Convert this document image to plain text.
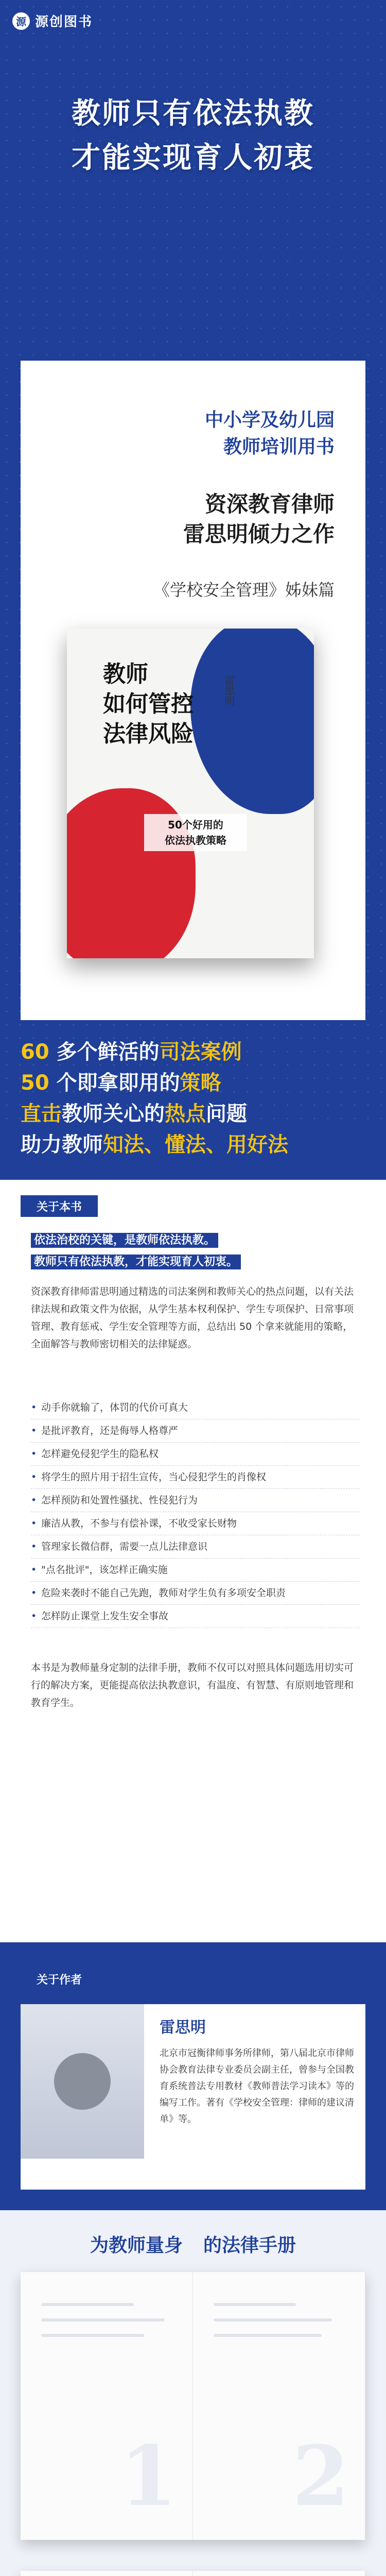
源 源创图书
教师只有依法执教
才能实现育人初衷
中小学及幼儿园
教师培训用书
资深教育律师
雷思明倾力之作
《学校安全管理》姊妹篇
教师
如何管控
法律风险
雷思明
50个好用的
依法执教策略
60 多个鲜活的司法案例
50 个即拿即用的策略
直击教师关心的热点问题
助力教师知法、懂法、用好法
关于本书
依法治校的关键，是教师依法执教。
教师只有依法执教，才能实现育人初衷。
资深教育律师雷思明通过精选的司法案例和教师关心的热点问题，以有关法律法规和政策文件为依据，从学生基本权利保护、学生专项保护、日常事项管理、教育惩戒、学生安全管理等方面，总结出 50 个拿来就能用的策略，全面解答与教师密切相关的法律疑惑。
• 动手你就输了，体罚的代价可真大
• 是批评教育，还是侮辱人格尊严
• 怎样避免侵犯学生的隐私权
• 将学生的照片用于招生宣传，当心侵犯学生的肖像权
• 怎样预防和处置性骚扰、性侵犯行为
• 廉洁从教，不参与有偿补课，不收受家长财物
• 管理家长微信群，需要一点儿法律意识
• "点名批评"，该怎样正确实施
• 危险来袭时不能自己先跑，教师对学生负有多项安全职责
• 怎样防止课堂上发生安全事故
本书是为教师量身定制的法律手册，教师不仅可以对照具体问题选用切实可行的解决方案，更能提高依法执教意识，有温度、有智慧、有原则地管理和教育学生。
关于作者
雷思明
北京市冠衡律师事务所律师，第八届北京市律师协会教育法律专业委员会副主任，曾参与全国教育系统普法专用教材《教师普法学习读本》等的编写工作。著有《学校安全管理：律师的建议清单》等。
为教师量身 的法律手册
1 2
